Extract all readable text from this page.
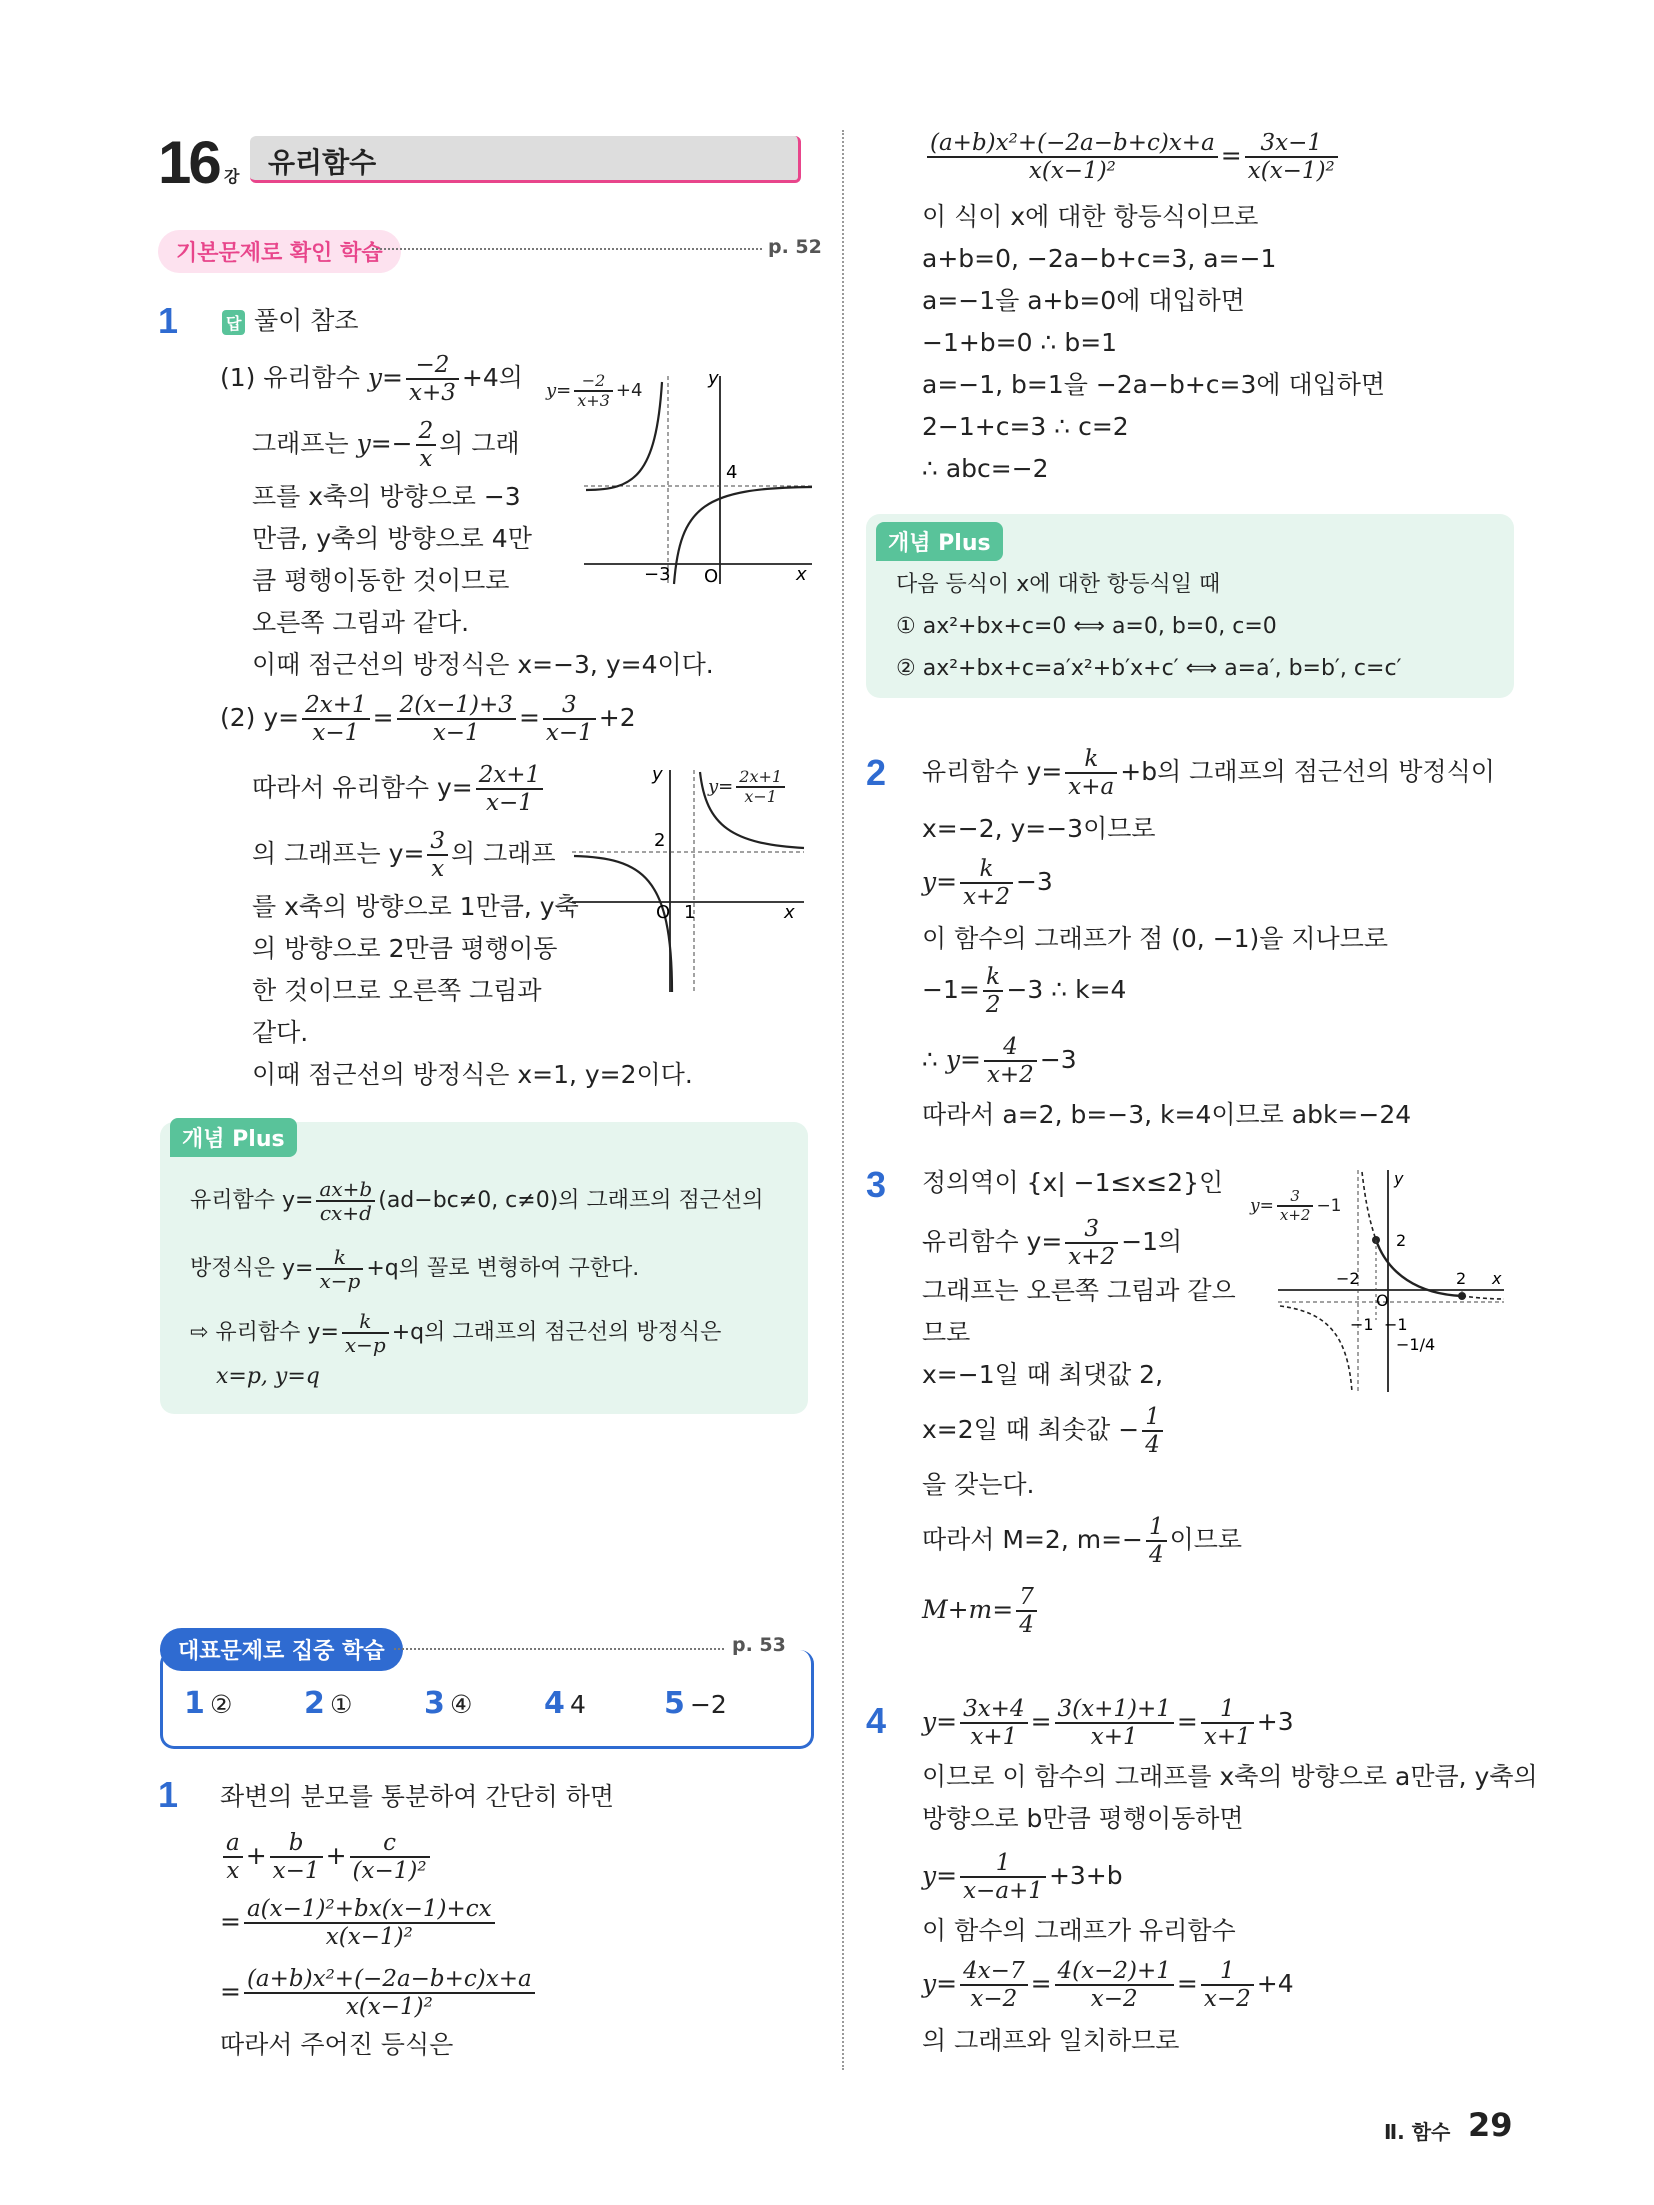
16 강 유리함수
기본문제로 확인 학습	p. 52
1	답 풀이 참조
(1) 유리함수 $y= \frac{-2}{x+3} +4$의
그래프는 $y=- \frac{2}{x}$ 의 그래
프를 x축의 방향으로 −3
만큼, y축의 방향으로 4만
큼 평행이동한 것이므로
오른쪽 그림과 같다.
이때 점근선의 방정식은 x=−3, y=4이다.
−3
4
O	x
y
$y= \frac{-2}{x+3} +4$
(2) $y= \frac{2x+1}{x-1} = \frac{2(x-1)+3}{x-1} = \frac{3}{x-1} +2$
따라서 유리함수 $y= \frac{2x+1}{x-1}$
의 그래프는 $y= \frac{3}{x}$ 의 그래프
를 x축의 방향으로 1만큼, y축
의 방향으로 2만큼 평행이동
한 것이므로 오른쪽 그림과
같다.
이때 점근선의 방정식은 x=1, y=2이다.
1
2
O	x
y
$y= \frac{2x+1}{x-1}$
개념 Plus
유리함수 $y= \frac{ax+b}{cx+d} (ad-bc\ne 0$, c≠0)의 그래프의 점근선의
방정식은 $y= \frac{k}{x-p} +q$의 꼴로 변형하여 구한다.
⇨ 유리함수 $y= \frac{k}{x-p} +q$의 그래프의 점근선의 방정식은
x=p, y=q
대표문제로 집중 학습	p. 53
1 ② 2 ① 3 ④ 4 4	5 −2
1 좌변의 분모를 통분하여 간단히 하면
$\frac{a}{x} + \frac{b}{x-1} + \frac{c}{\text{(x−1)²}}$
= $\frac{\text{a(x−1)²+bx(x−1)+cx}}{\text{x(x−1)²}}$
= $\frac{\text{(a+b)x²+(−2a−b+c)x+a}}{\text{x(x−1)²}}$
따라서 주어진 등식은
$\frac{\text{(a+b)x²+(−2a−b+c)x+a}}{\text{x(x−1)²}} = \frac{3x-1}{\text{x(x−1)²}}$
이 식이 x에 대한 항등식이므로
a+b=0, −2a−b+c=3, a=−1
a=−1을 a+b=0에 대입하면
−1+b=0 ∴ b=1
a=−1, b=1을 −2a−b+c=3에 대입하면
2−1+c=3 ∴ c=2
∴ abc=−2
개념 Plus
다음 등식이 x에 대한 항등식일 때
① ax²+bx+c=0 ⟺ a=0, b=0, c=0
② ax²+bx+c=a′x²+b′x+c′ ⟺ a=a′, b=b′, c=c′
2 유리함수 $y= \frac{k}{x+a} +b$의 그래프의 점근선의 방정식이
x=−2, y=−3이므로
$y= \frac{k}{x+2} -3$
이 함수의 그래프가 점 (0, −1)을 지나므로
$-1= \frac{k}{2} -3$ ∴ k=4
∴ $y= \frac{4}{x+2} -3$
따라서 a=2, b=−3, k=4이므로 abk=−24
3 정의역이 {x| −1≤x≤2}인
유리함수 $y= \frac{3}{x+2} -1$의
그래프는 오른쪽 그림과 같으
므로
x=−1일 때 최댓값 2,
x=2일 때 최솟값 − $\frac{1}{4}$
을 갖는다.
따라서 M=2, $m=- \frac{1}{4}$ 이므로
$M+m= \frac{7}{4}$
−2	2
2
−1 −1
−1/4
O
x
y
$y= \frac{3}{x+2} -1$
4 $y= \frac{3x+4}{x+1} = \frac{3(x+1)+1}{x+1} = \frac{1}{x+1} +3$
이므로 이 함수의 그래프를 x축의 방향으로 a만큼, y축의
방향으로 b만큼 평행이동하면
$y= \frac{1}{x-a+1} +3+b$
이 함수의 그래프가 유리함수
$y= \frac{4x-7}{x-2} = \frac{4(x-2)+1}{x-2} = \frac{1}{x-2} +4$
의 그래프와 일치하므로
Ⅱ. 함수 29
